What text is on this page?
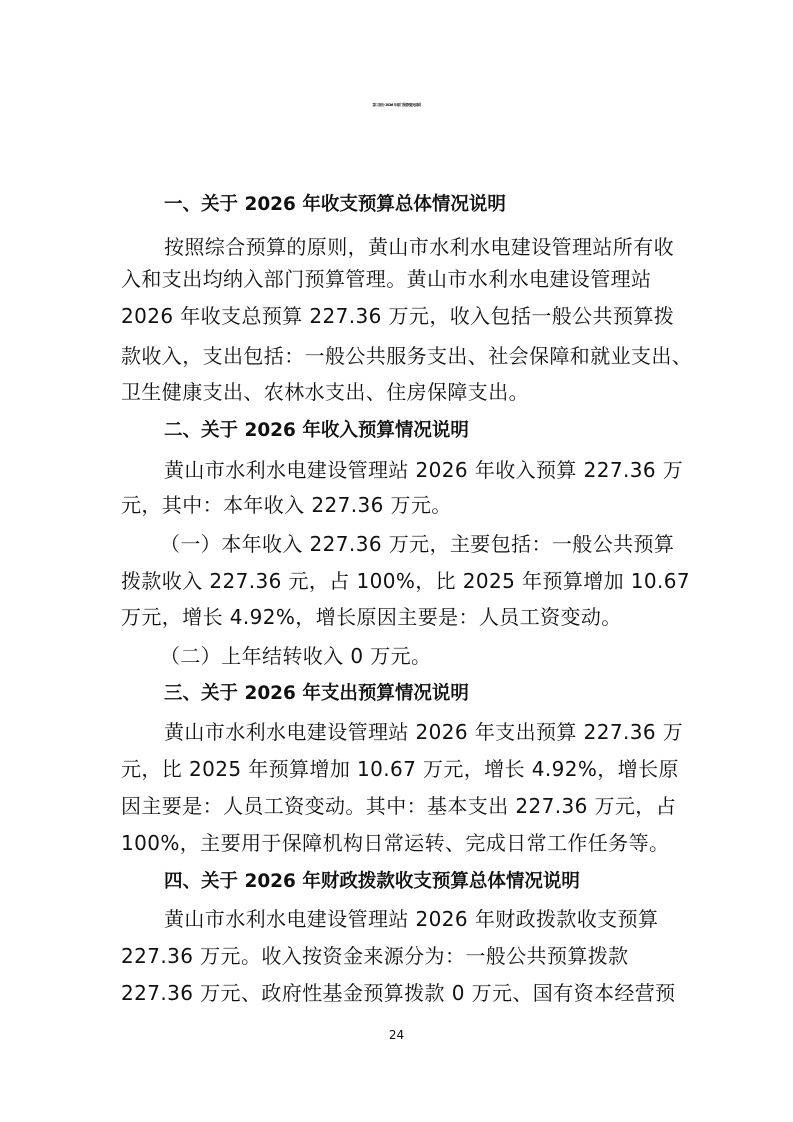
第三部分 2026 年部门预算情况说明
一、关于 2026 年收支预算总体情况说明
按照综合预算的原则，黄山市水利水电建设管理站所有收
入和支出均纳入部门预算管理。黄山市水利水电建设管理站
2026 年收支总预算 227.36 万元，收入包括一般公共预算拨
款收入，支出包括：一般公共服务支出、社会保障和就业支出、
卫生健康支出、农林水支出、住房保障支出。
二、关于 2026 年收入预算情况说明
黄山市水利水电建设管理站 2026 年收入预算 227.36 万
元，其中：本年收入 227.36 万元。
（一）本年收入 227.36 万元，主要包括：一般公共预算
拨款收入 227.36 元，占 100%，比 2025 年预算增加 10.67
万元，增长 4.92%，增长原因主要是：人员工资变动。
（二）上年结转收入 0 万元。
三、关于 2026 年支出预算情况说明
黄山市水利水电建设管理站 2026 年支出预算 227.36 万
元，比 2025 年预算增加 10.67 万元，增长 4.92%，增长原
因主要是：人员工资变动。其中：基本支出 227.36 万元，占
100%，主要用于保障机构日常运转、完成日常工作任务等。
四、关于 2026 年财政拨款收支预算总体情况说明
黄山市水利水电建设管理站 2026 年财政拨款收支预算
227.36 万元。收入按资金来源分为：一般公共预算拨款
227.36 万元、政府性基金预算拨款 0 万元、国有资本经营预
24
